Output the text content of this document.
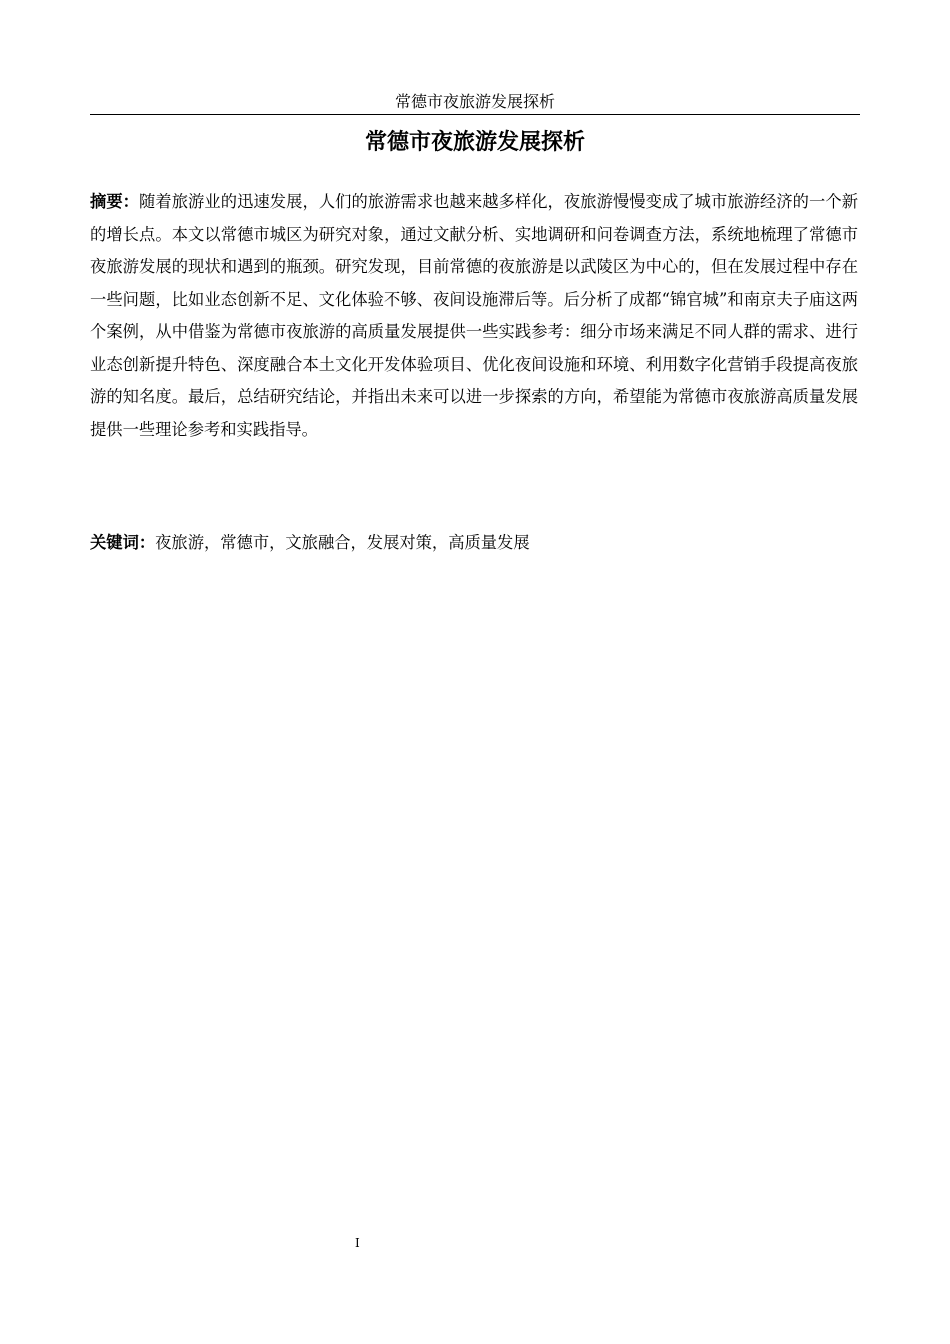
常德市夜旅游发展探析
常德市夜旅游发展探析
摘要：随着旅游业的迅速发展，人们的旅游需求也越来越多样化，夜旅游慢慢变成了城市旅游经济的一个新的增长点。本文以常德市城区为研究对象，通过文献分析、实地调研和问卷调查方法，系统地梳理了常德市夜旅游发展的现状和遇到的瓶颈。研究发现，目前常德的夜旅游是以武陵区为中心的，但在发展过程中存在一些问题，比如业态创新不足、文化体验不够、夜间设施滞后等。后分析了成都“锦官城”和南京夫子庙这两个案例，从中借鉴为常德市夜旅游的高质量发展提供一些实践参考：细分市场来满足不同人群的需求、进行业态创新提升特色、深度融合本土文化开发体验项目、优化夜间设施和环境、利用数字化营销手段提高夜旅游的知名度。最后，总结研究结论，并指出未来可以进一步探索的方向，希望能为常德市夜旅游高质量发展提供一些理论参考和实践指导。
关键词：夜旅游，常德市，文旅融合，发展对策，高质量发展
I
